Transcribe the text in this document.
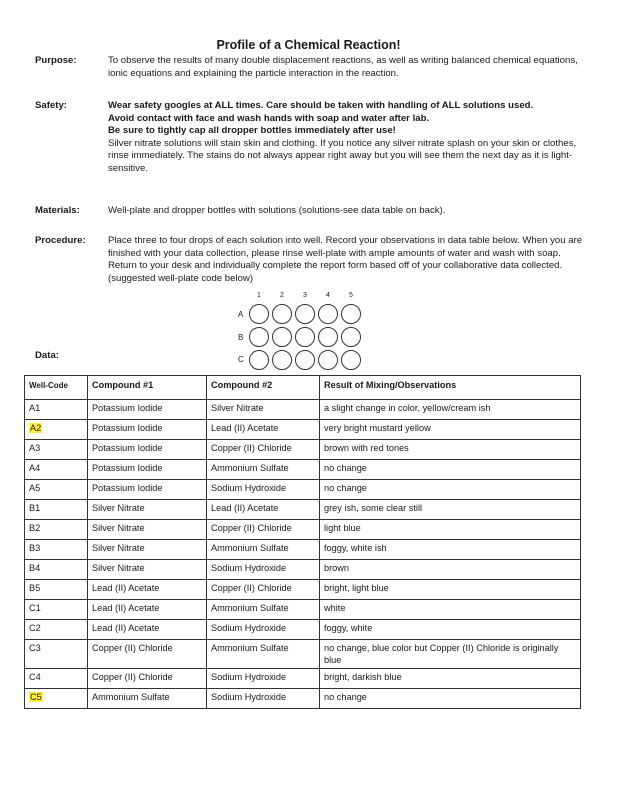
Profile of a Chemical Reaction!
Purpose:	To observe the results of many double displacement reactions, as well as writing balanced chemical equations, ionic equations and explaining the particle interaction in the reaction.
Safety:	Wear safety googles at ALL times. Care should be taken with handling of ALL solutions used.

Avoid contact with face and wash hands with soap and water after lab.

Be sure to tightly cap all dropper bottles immediately after use!

Silver nitrate solutions will stain skin and clothing. If you notice any silver nitrate splash on your skin or clothes, rinse immediately. The stains do not always appear right away but you will see them the next day as it is light-sensitive.

Materials:	Well-plate and dropper bottles with solutions (solutions-see data table on back).
Procedure:	Place three to four drops of each solution into well. Record your observations in data table below. When you are finished with your data collection, please rinse well-plate with ample amounts of water and wash with soap. Return to your desk and individually complete the report form based off of your collaborative data collected. (suggested well-plate code below)
1	2	3	4	5
A
B
C
Data:
Well-Code	Compound #1	Compound #2	Result of Mixing/Observations
A1	Potassium Iodide	Silver Nitrate	a slight change in color, yellow/cream ish
A2	Potassium Iodide	Lead (II) Acetate	very bright mustard yellow
A3	Potassium Iodide	Copper (II) Chloride	brown with red tones
A4	Potassium Iodide	Ammonium Sulfate	no change
A5	Potassium Iodide	Sodium Hydroxide	no change
B1	Silver Nitrate	Lead (II) Acetate	grey ish, some clear still
B2	Silver Nitrate	Copper (II) Chloride	light blue
B3	Silver Nitrate	Ammonium Sulfate	foggy, white ish
B4	Silver Nitrate	Sodium Hydroxide	brown
B5	Lead (II) Acetate	Copper (II) Chloride	bright, light blue
C1	Lead (II) Acetate	Ammonium Sulfate	white
C2	Lead (II) Acetate	Sodium Hydroxide	foggy, white
C3	Copper (II) Chloride	Ammonium Sulfate	no change, blue color but Copper (II) Chloride is originally blue
C4	Copper (II) Chloride	Sodium Hydroxide	bright, darkish blue
C5	Ammonium Sulfate	Sodium Hydroxide	no change
